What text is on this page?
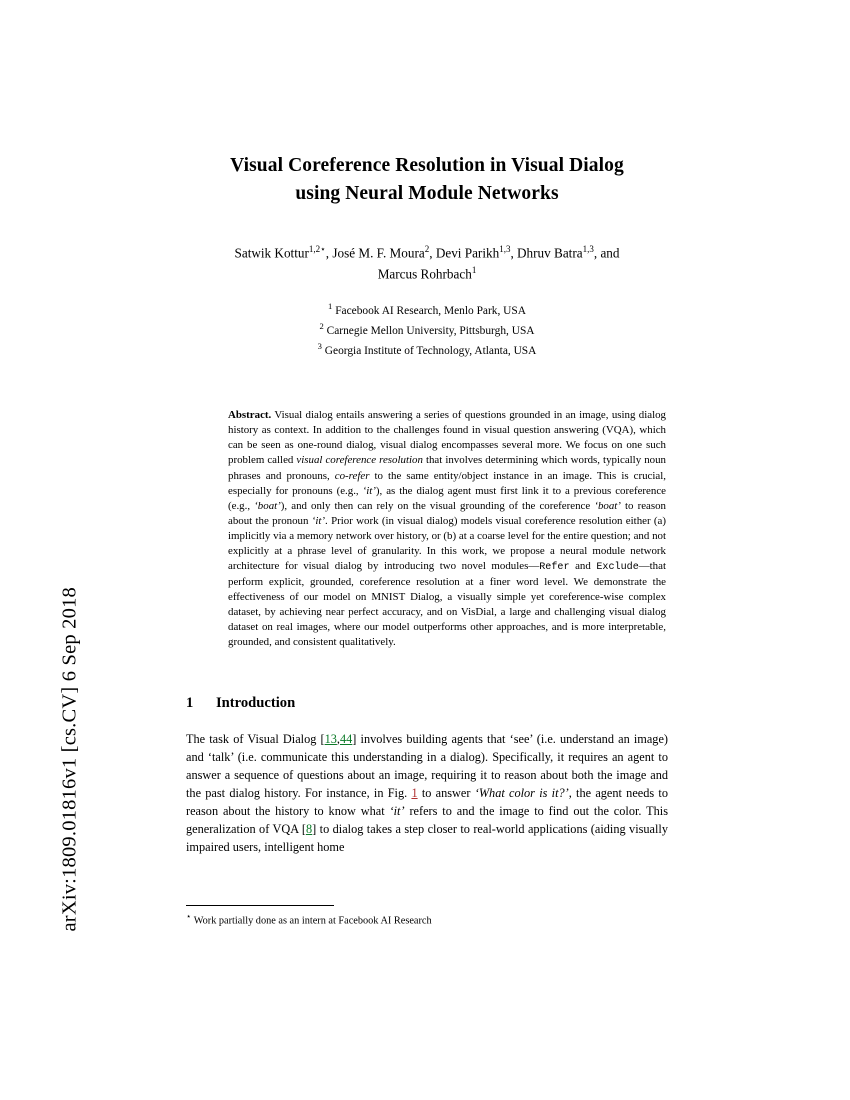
arXiv:1809.01816v1 [cs.CV] 6 Sep 2018
Visual Coreference Resolution in Visual Dialog
using Neural Module Networks
Satwik Kottur$^{1,2⋆}$, José M. F. Moura$^2$, Devi Parikh$^{1,3}$, Dhruv Batra$^{1,3}$, and
Marcus Rohrbach$^1$
$^1$ Facebook AI Research, Menlo Park, USA
$^2$ Carnegie Mellon University, Pittsburgh, USA
$^3$ Georgia Institute of Technology, Atlanta, USA
Abstract. Visual dialog entails answering a series of questions grounded in an image, using dialog history as context. In addition to the challenges found in visual question answering (VQA), which can be seen as one-round dialog, visual dialog encompasses several more. We focus on one such problem called visual coreference resolution that involves determining which words, typically noun phrases and pronouns, co-refer to the same entity/object instance in an image. This is crucial, especially for pronouns (e.g., ‘it’), as the dialog agent must first link it to a previous coreference (e.g., ‘boat’), and only then can rely on the visual grounding of the coreference ‘boat’ to reason about the pronoun ‘it’. Prior work (in visual dialog) models visual coreference resolution either (a) implicitly via a memory network over history, or (b) at a coarse level for the entire question; and not explicitly at a phrase level of granularity. In this work, we propose a neural module network architecture for visual dialog by introducing two novel modules—Refer and Exclude—that perform explicit, grounded, coreference resolution at a finer word level. We demonstrate the effectiveness of our model on MNIST Dialog, a visually simple yet coreference-wise complex dataset, by achieving near perfect accuracy, and on VisDial, a large and challenging visual dialog dataset on real images, where our model outperforms other approaches, and is more interpretable, grounded, and consistent qualitatively.
1 Introduction
The task of Visual Dialog [13,44] involves building agents that ‘see’ (i.e. understand an image) and ‘talk’ (i.e. communicate this understanding in a dialog). Specifically, it requires an agent to answer a sequence of questions about an image, requiring it to reason about both the image and the past dialog history. For instance, in Fig. 1 to answer ‘What color is it?’, the agent needs to reason about the history to know what ‘it’ refers to and the image to find out the color. This generalization of VQA [8] to dialog takes a step closer to real-world applications (aiding visually impaired users, intelligent home
⋆ Work partially done as an intern at Facebook AI Research
